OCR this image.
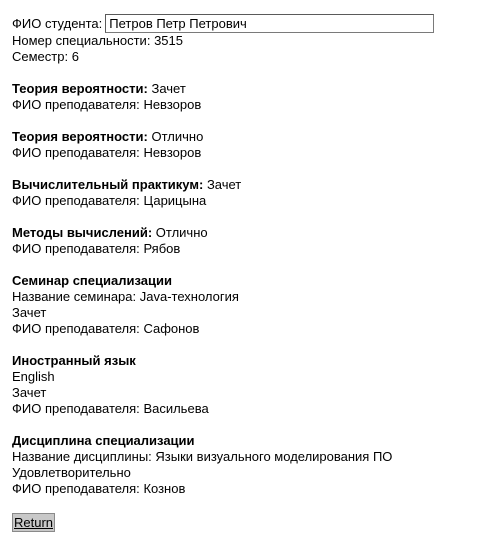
ФИО студента:
Петров Петр Петрович
Номер специальности: 3515
Семестр: 6
Теория вероятности: Зачет
ФИО преподавателя: Невзоров
Теория вероятности: Отлично
ФИО преподавателя: Невзоров
Вычислительный практикум: Зачет
ФИО преподавателя: Царицына
Методы вычислений: Отлично
ФИО преподавателя: Рябов
Семинар специализации
Название семинара: Java-технология
Зачет
ФИО преподавателя: Сафонов
Иностранный язык
English
Зачет
ФИО преподавателя: Васильева
Дисциплина специализации
Название дисциплины: Языки визуального моделирования ПО
Удовлетворительно
ФИО преподавателя: Кознов
Return
